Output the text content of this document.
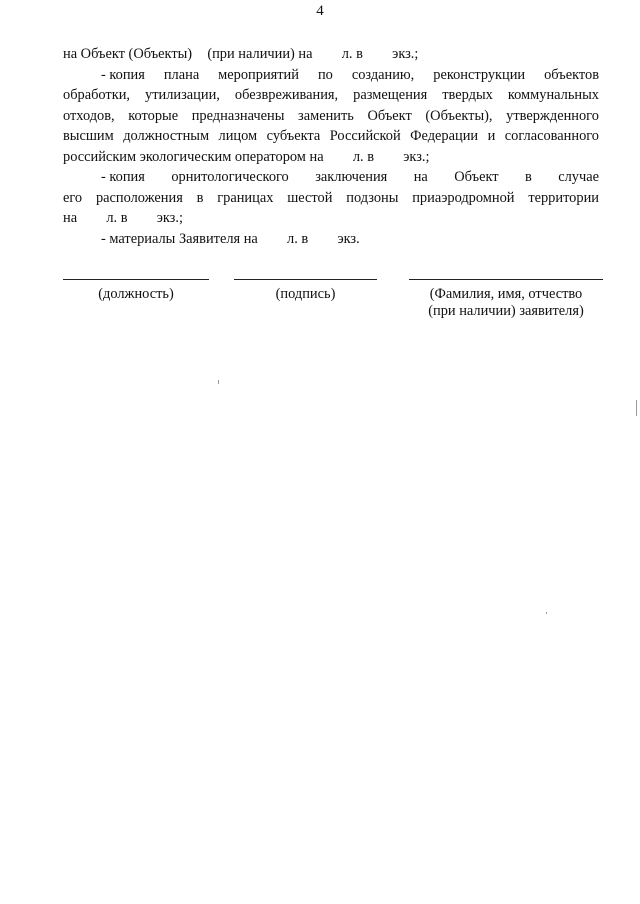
4
на Объект (Объекты) (при наличии) на л. в экз.;
- копия плана мероприятий по созданию, реконструкции объектов
обработки, утилизации, обезвреживания, размещения твердых коммунальных
отходов, которые предназначены заменить Объект (Объекты), утвержденного
высшим должностным лицом субъекта Российской Федерации и согласованного
российским экологическим оператором на л. в экз.;
- копия орнитологического заключения на Объект в случае
его расположения в границах шестой подзоны приаэродромной территории
на л. в экз.;
- материалы Заявителя на л. в экз.
(должность)	(подпись)	(Фамилия, имя, отчество
(при наличии) заявителя)
